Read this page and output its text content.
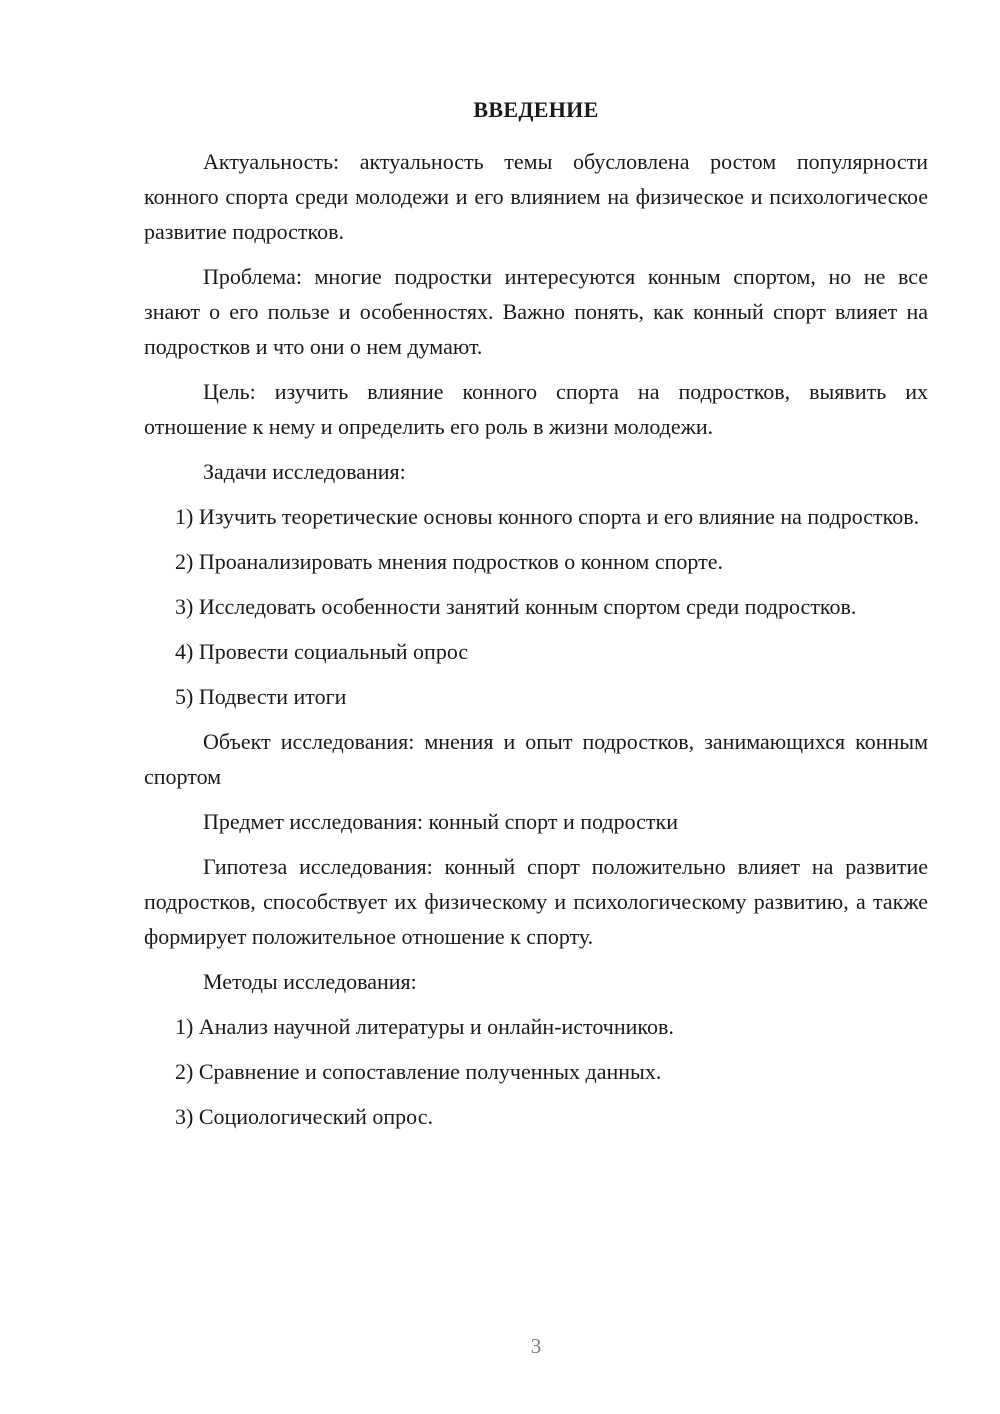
ВВЕДЕНИЕ

Актуальность: актуальность темы обусловлена ростом популярности конного спорта среди молодежи и его влиянием на физическое и психологическое развитие подростков.

Проблема: многие подростки интересуются конным спортом, но не все знают о его пользе и особенностях. Важно понять, как конный спорт влияет на подростков и что они о нем думают.

Цель: изучить влияние конного спорта на подростков, выявить их отношение к нему и определить его роль в жизни молодежи.

Задачи исследования:

1) Изучить теоретические основы конного спорта и его влияние на подростков.

2) Проанализировать мнения подростков о конном спорте.

3) Исследовать особенности занятий конным спортом среди подростков.

4) Провести социальный опрос

5) Подвести итоги

Объект исследования: мнения и опыт подростков, занимающихся конным спортом

Предмет исследования: конный спорт и подростки

Гипотеза исследования: конный спорт положительно влияет на развитие подростков, способствует их физическому и психологическому развитию, а также формирует положительное отношение к спорту.

Методы исследования:

1) Анализ научной литературы и онлайн-источников.

2) Сравнение и сопоставление полученных данных.

3) Социологический опрос.

3
